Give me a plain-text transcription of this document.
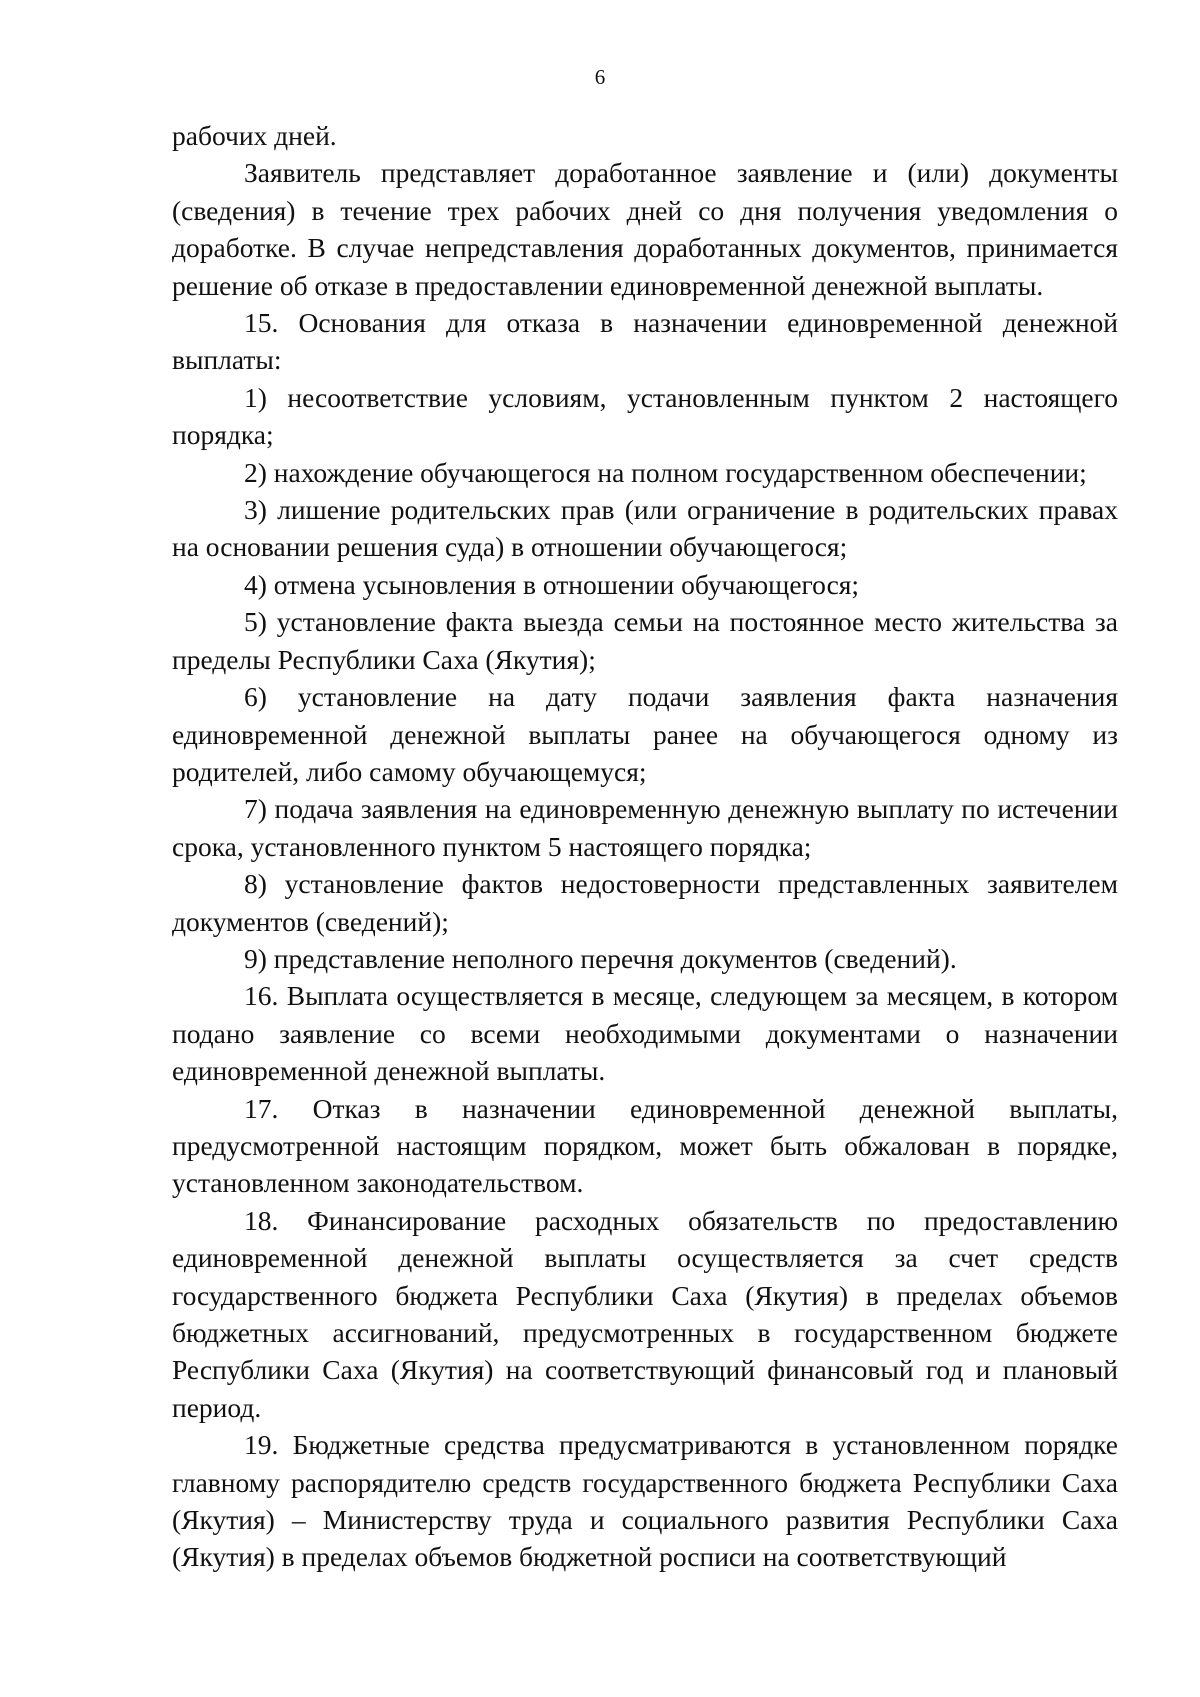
6

рабочих дней.

Заявитель представляет доработанное заявление и (или) документы (сведения) в течение трех рабочих дней со дня получения уведомления о доработке. В случае непредставления доработанных документов, принимается решение об отказе в предоставлении единовременной денежной выплаты.

15. Основания для отказа в назначении единовременной денежной выплаты:

1) несоответствие условиям, установленным пунктом 2 настоящего порядка;

2) нахождение обучающегося на полном государственном обеспечении;

3) лишение родительских прав (или ограничение в родительских правах на основании решения суда) в отношении обучающегося;

4) отмена усыновления в отношении обучающегося;

5) установление факта выезда семьи на постоянное место жительства за пределы Республики Саха (Якутия);

6) установление на дату подачи заявления факта назначения единовременной денежной выплаты ранее на обучающегося одному из родителей, либо самому обучающемуся;

7) подача заявления на единовременную денежную выплату по истечении срока, установленного пунктом 5 настоящего порядка;

8) установление фактов недостоверности представленных заявителем документов (сведений);

9) представление неполного перечня документов (сведений).

16. Выплата осуществляется в месяце, следующем за месяцем, в котором подано заявление со всеми необходимыми документами о назначении единовременной денежной выплаты.

17. Отказ в назначении единовременной денежной выплаты, предусмотренной настоящим порядком, может быть обжалован в порядке, установленном законодательством.

18. Финансирование расходных обязательств по предоставлению единовременной денежной выплаты осуществляется за счет средств государственного бюджета Республики Саха (Якутия) в пределах объемов бюджетных ассигнований, предусмотренных в государственном бюджете Республики Саха (Якутия) на соответствующий финансовый год и плановый период.

19. Бюджетные средства предусматриваются в установленном порядке главному распорядителю средств государственного бюджета Республики Саха (Якутия) – Министерству труда и социального развития Республики Саха (Якутия) в пределах объемов бюджетной росписи на соответствующий
